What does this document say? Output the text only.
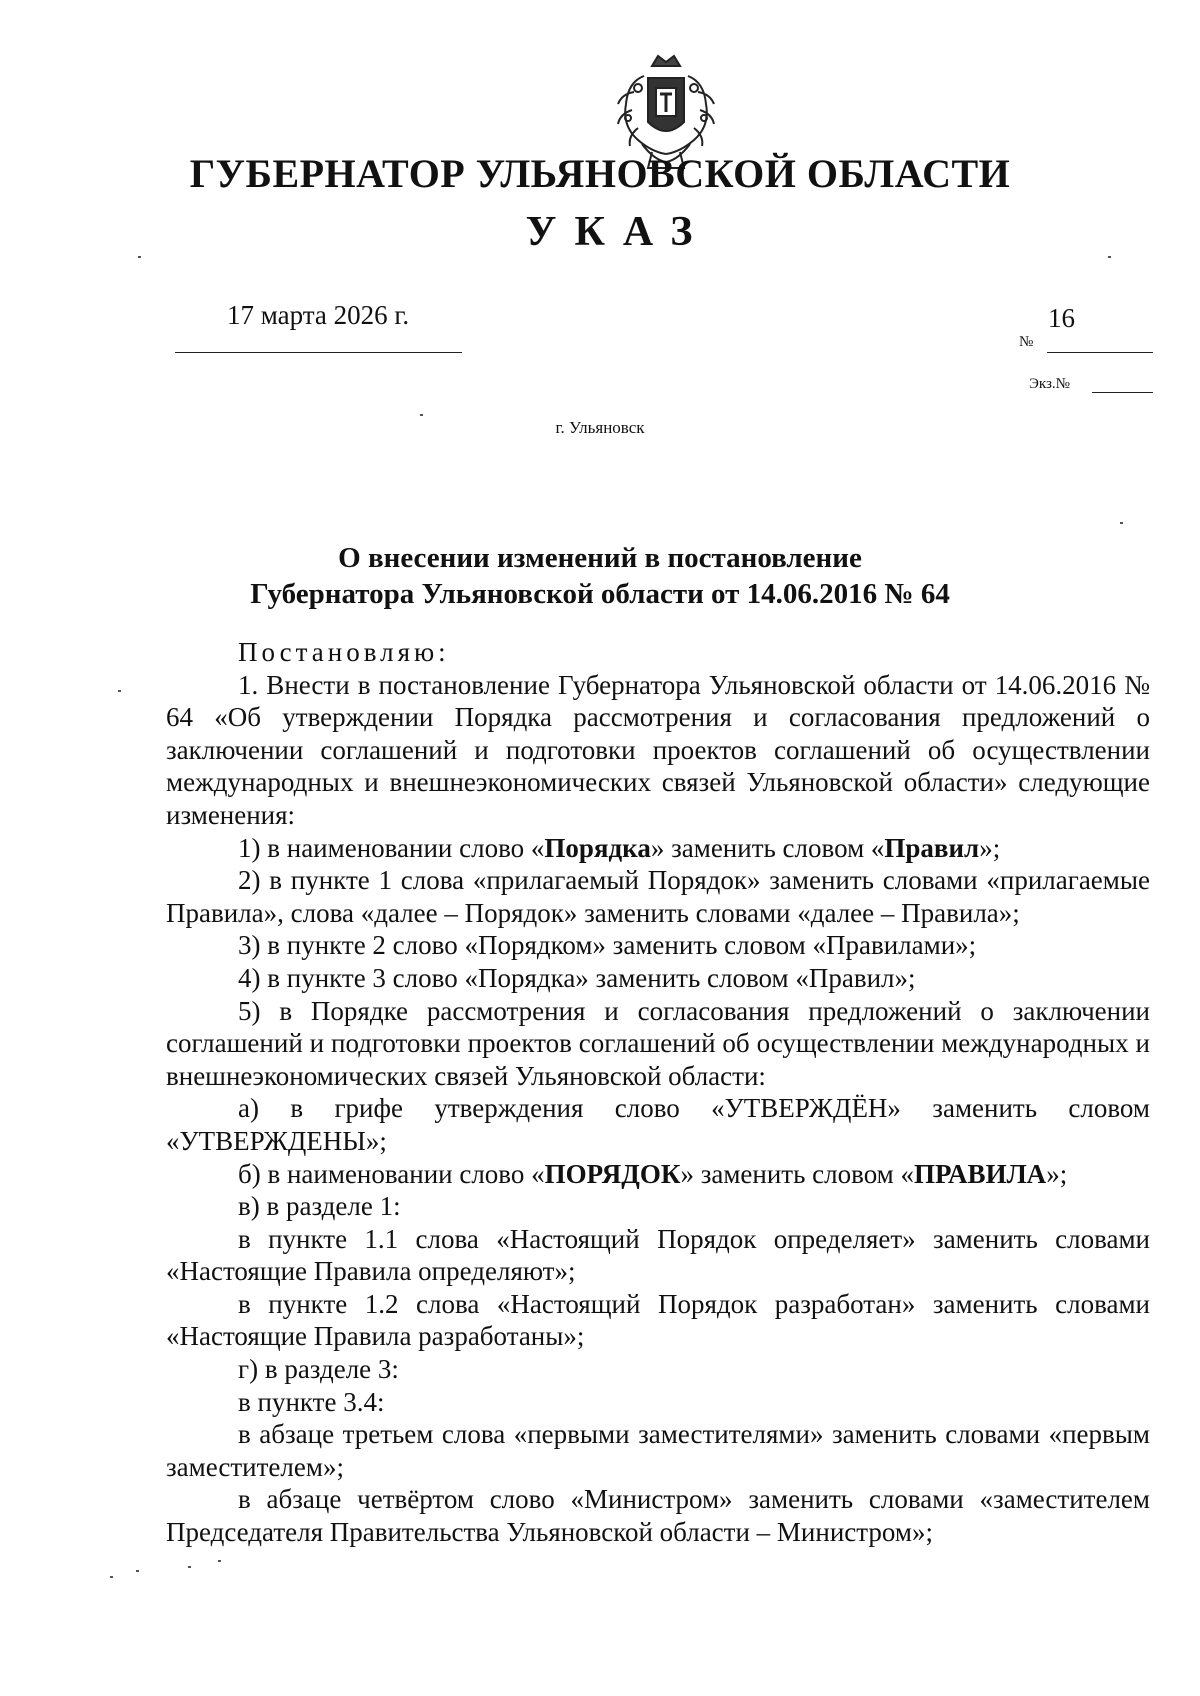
ГУБЕРНАТОР УЛЬЯНОВСКОЙ ОБЛАСТИ
УКАЗ
17 марта 2026 г.	16
№
Экз.№
г. Ульяновск
О внесении изменений в постановление
Губернатора Ульяновской области от 14.06.2016 № 64

Постановляю:

1. Внести в постановление Губернатора Ульяновской области от 14.06.2016 № 64 «Об утверждении Порядка рассмотрения и согласования предложений о заключении соглашений и подготовки проектов соглашений об осуществлении международных и внешнеэкономических связей Ульяновской области» следующие изменения:

1) в наименовании слово «Порядка» заменить словом «Правил»;

2) в пункте 1 слова «прилагаемый Порядок» заменить словами «прилагаемые Правила», слова «далее – Порядок» заменить словами «далее – Правила»;

3) в пункте 2 слово «Порядком» заменить словом «Правилами»;

4) в пункте 3 слово «Порядка» заменить словом «Правил»;

5) в Порядке рассмотрения и согласования предложений о заключении соглашений и подготовки проектов соглашений об осуществлении международных и внешнеэкономических связей Ульяновской области:

а) в грифе утверждения слово «УТВЕРЖДЁН» заменить словом «УТВЕРЖДЕНЫ»;

б) в наименовании слово «ПОРЯДОК» заменить словом «ПРАВИЛА»;

в) в разделе 1:

в пункте 1.1 слова «Настоящий Порядок определяет» заменить словами «Настоящие Правила определяют»;

в пункте 1.2 слова «Настоящий Порядок разработан» заменить словами «Настоящие Правила разработаны»;

г) в разделе 3:

в пункте 3.4:

в абзаце третьем слова «первыми заместителями» заменить словами «первым заместителем»;

в абзаце четвёртом слово «Министром» заменить словами «заместителем Председателя Правительства Ульяновской области – Министром»;
